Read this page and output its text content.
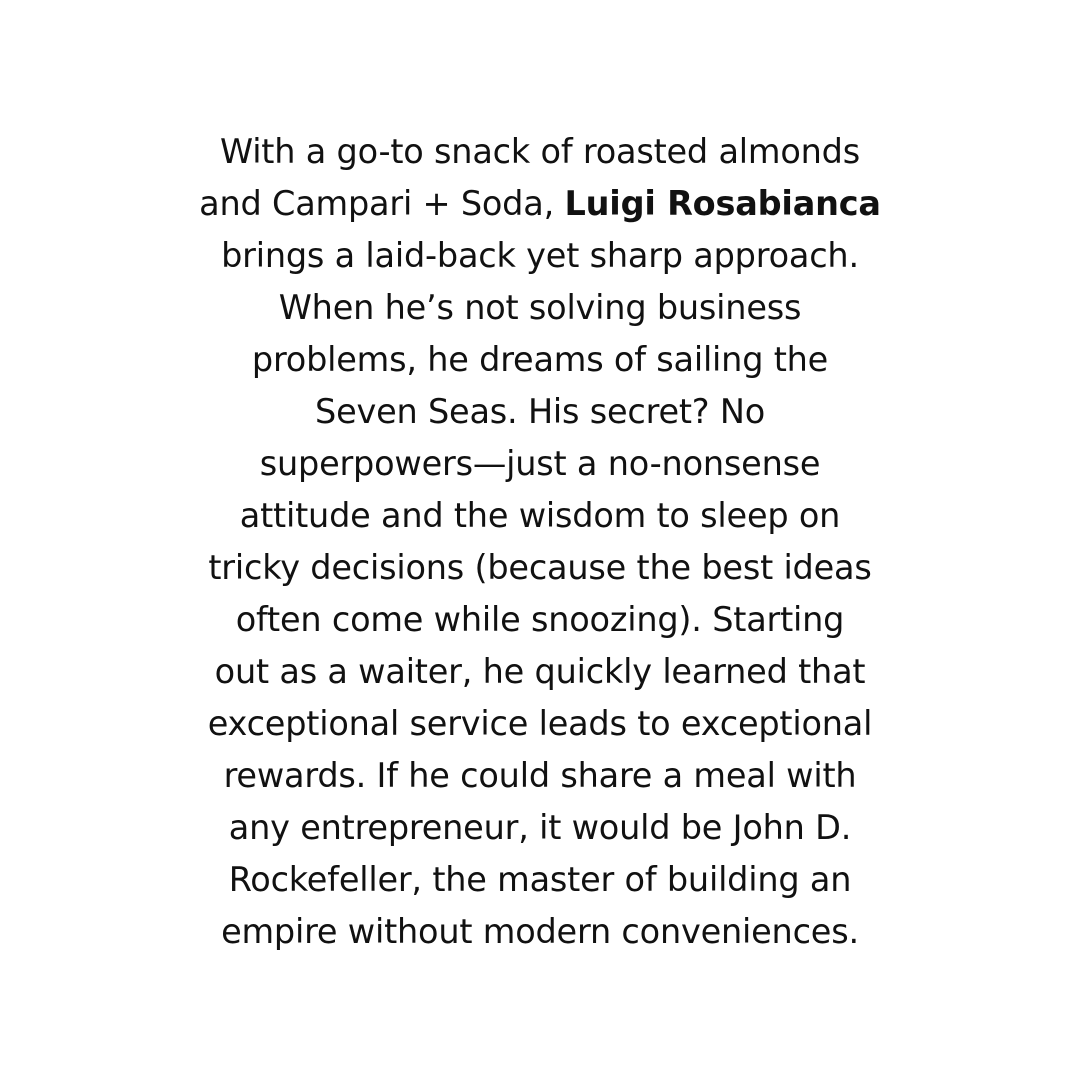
With a go-to snack of roasted almonds
and Campari + Soda, Luigi Rosabianca
brings a laid-back yet sharp approach.
When he’s not solving business
problems, he dreams of sailing the
Seven Seas. His secret? No
superpowers—just a no-nonsense
attitude and the wisdom to sleep on
tricky decisions (because the best ideas
often come while snoozing). Starting
out as a waiter, he quickly learned that
exceptional service leads to exceptional
rewards. If he could share a meal with
any entrepreneur, it would be John D.
Rockefeller, the master of building an
empire without modern conveniences.
